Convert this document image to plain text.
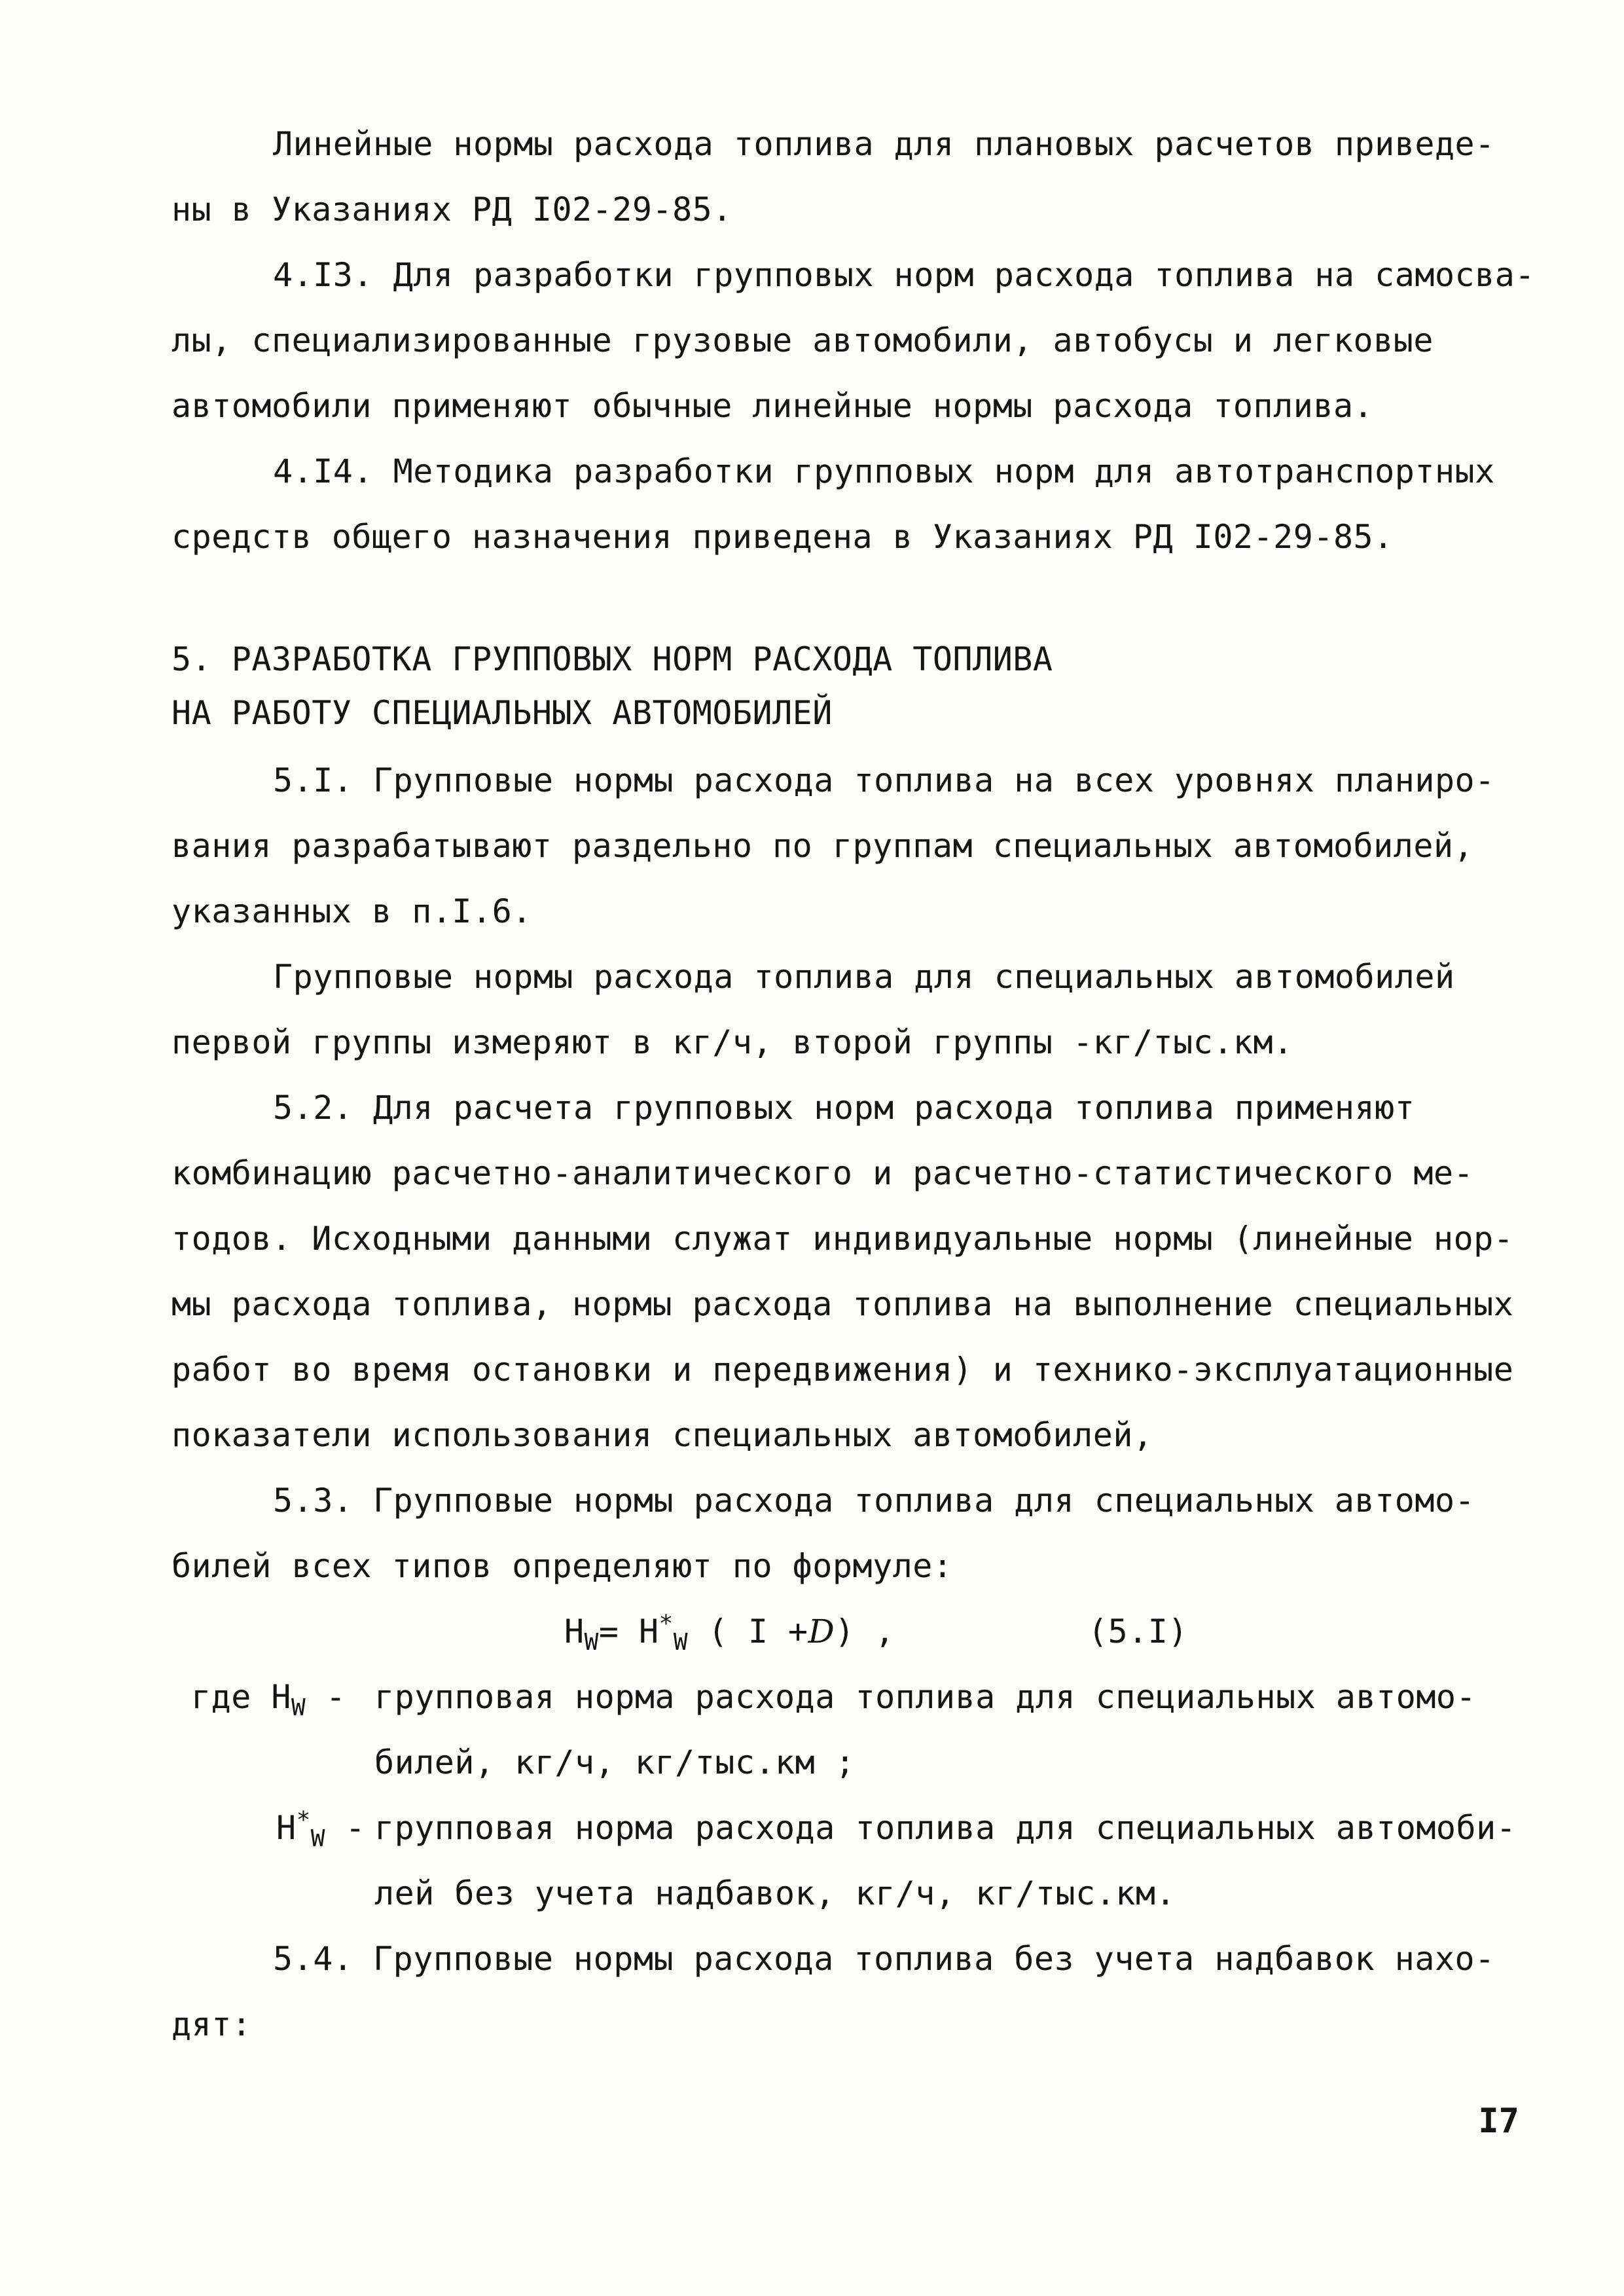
Линейные нормы расхода топлива для плановых расчетов приведе-

ны в Указаниях РД I02-29-85.

4.I3. Для разработки групповых норм расхода топлива на самосва-

лы, специализированные грузовые автомобили, автобусы и легковые

автомобили применяют обычные линейные нормы расхода топлива.

4.I4. Методика разработки групповых норм для автотранспортных

средств общего назначения приведена в Указаниях РД I02-29-85.

5. РАЗРАБОТКА ГРУППОВЫХ НОРМ РАСХОДА ТОПЛИВА

НА РАБОТУ СПЕЦИАЛЬНЫХ АВТОМОБИЛЕЙ

5.I. Групповые нормы расхода топлива на всех уровнях планиро-

вания разрабатывают раздельно по группам специальных автомобилей,

указанных в п.I.6.

Групповые нормы расхода топлива для специальных автомобилей

первой группы измеряют в кг/ч, второй группы -кг/тыс.км.

5.2. Для расчета групповых норм расхода топлива применяют

комбинацию расчетно-аналитического и расчетно-статистического ме-

тодов. Исходными данными служат индивидуальные нормы (линейные нор-

мы расхода топлива, нормы расхода топлива на выполнение специальных

работ во время остановки и передвижения) и технико-эксплуатационные

показатели использования специальных автомобилей,

5.3. Групповые нормы расхода топлива для специальных автомо-

билей всех типов определяют по формуле:

$H_W= H^*_W$ ( I +D) ,	(5.I)
где $H_W$ - групповая норма расхода топлива для специальных автомо-

билей, кг/ч, кг/тыс.км ;

$H^*_W$ - групповая норма расхода топлива для специальных автомоби-

лей без учета надбавок, кг/ч, кг/тыс.км.

5.4. Групповые нормы расхода топлива без учета надбавок нахо-

дят:

I7
